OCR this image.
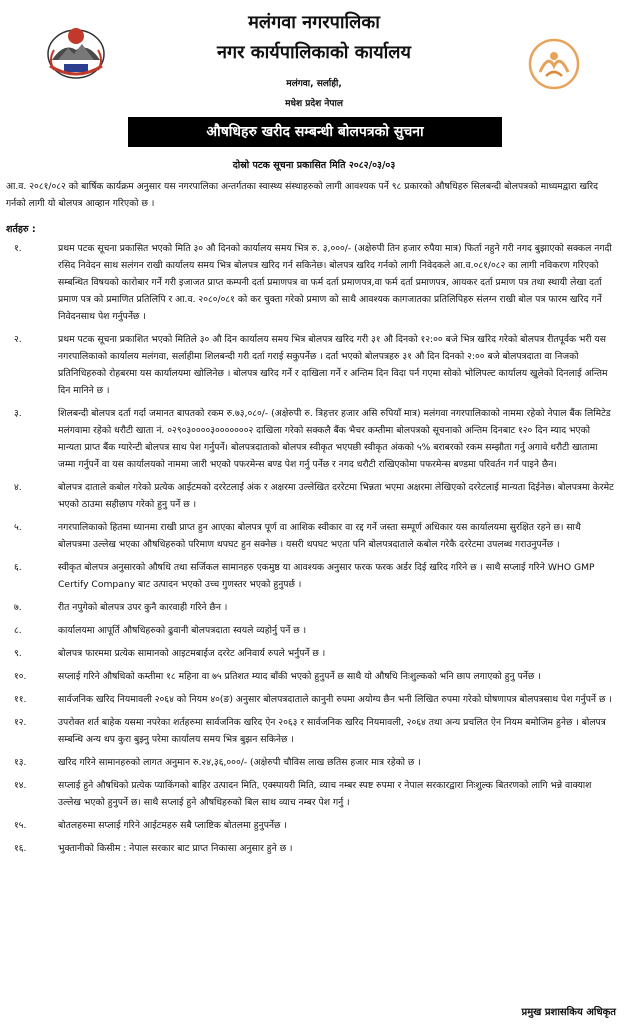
मलंगवा नगरपालिका
नगर कार्यपालिकाको कार्यालय
मलंगवा, सर्लाही,
मधेश प्रदेश नेपाल
औषधिहरु खरीद सम्बन्धी बोलपत्रको सुचना
दोस्रो पटक सूचना प्रकासित मिति २०८२/०३/०३
आ.व. २०८१/०८२ को बार्षिक कार्यक्रम अनुसार यस नगरपालिका अन्तर्गतका स्वास्थ्य संस्थाहरुको लागी आवश्यक पर्ने ९८ प्रकारको औषधिहरु सिलबन्दी बोलपत्रको माध्यमद्वारा खरिद गर्नको लागी यो बोलपत्र आव्हान गरिएको छ ।
शर्तहरु :
१.	प्रथम पटक सूचना प्रकासित भएको मिति ३० औ दिनको कार्यालय समय भित्र रु. ३,०००/- (अक्षेरुपी तिन हजार रुपैया मात्र) फिर्ता नहुने गरी नगद बुझाएको सक्कल नगदी रसिद निवेदन साथ सलंगन राखी कार्यालय समय भित्र बोलपत्र खरिद गर्न सकिनेछ। बोलपत्र खरिद गर्नको लागी निवेदकले आ.व.०८१/०८२ का लागी नविकरण गरिएको सम्बन्धित विषयको कारोबार गर्ने गरी इजाजत प्राप्त कम्पनी दर्ता प्रमाणपत्र वा फर्म दर्ता प्रमाणपत्र,वा फर्म दर्ता प्रमाणपत्र, आयकर दर्ता प्रमाण पत्र तथा स्थायी लेखा दर्ता प्रमाण पत्र को प्रमाणित प्रतिलिपि र आ.व. २०८०/०८१ को कर चुक्ता गरेको प्रमाण को साथै आवश्यक कागजातका प्रतिलिपिहरु संलग्न राखी बोल पत्र फारम खरिद गर्ने निवेदनसाथ पेश गर्नुपर्नेछ ।
२.	प्रथम पटक सूचना प्रकाशित भएको मितिले ३० औ दिन कार्यालय समय भित्र बोलपत्र खरिद गरी ३१ औ दिनको १२:०० बजे भित्र खरिद गरेको बोलपत्र रीतपूर्वक भरी यस नगरपालिकाको कार्यालय मलंगवा, सर्लाहीमा शिलबन्दी गरी दर्ता गराई सकुपर्नेछ । दर्ता भएको बोलपत्रहरु ३१ औ दिन दिनको २:०० बजे बोलपत्रदाता वा निजको प्रतिनिधिहरुको रोहबरमा यस कार्यालयमा खोलिनेछ । बोलपत्र खरिद गर्ने र दाखिला गर्ने र अन्तिम दिन विदा पर्न गएमा सोको भोलिपल्ट कार्यालय खुलेको दिनलाई अन्तिम दिन मानिने छ ।
३.	शिलबन्दी बोलपत्र दर्ता गर्दा जमानत बापतको रकम रु.७३,०८०/- (अक्षेरुपी रु. त्रिहत्तर हजार असि रुपियाँ मात्र) मलंगवा नगरपालिकाको नाममा रहेको नेपाल बैंक लिमिटेड मलंगवामा रहेको धरौटी खाता नं. ०२९०३००००३०००००००२ दाखिला गरेको सक्कलै बैंक भैचर कम्तीमा बोलपत्रको सूचनाको अन्तिम दिनबाट १२० दिन म्याद भएको मान्यता प्राप्त बैंक ग्यारेन्टी बोलपत्र साथ पेश गर्नुपर्ने। बोलपत्रदाताको बोलपत्र स्वीकृत भएपछी स्वीकृत अंकको ५% बराबरको रकम सम्झौता गर्नु अगावे धरौटी खातामा जम्मा गर्नुपर्ने वा यस कार्यालयको नाममा जारी भएको पफरमेन्स बण्ड पेश गर्नु पर्नेछ र नगद धरौटी राखिएकोमा पफरमेन्स बण्डमा परिवर्तन गर्न पाइने छैन।
४.	बोलपत्र दाताले कबोल गरेको प्रत्येक आईटमको दररेटलाई अंक र अक्षरमा उल्लेखित दररेटमा भिन्नता भएमा अक्षरमा लेखिएको दररेटलाई मान्यता दिईनेछ। बोलपत्रमा केरमेट भएको ठाउमा सहीछाप गरेको हुनु पर्ने छ ।
५.	नगरपालिकाको हितमा ध्यानमा राखी प्राप्त हुन आएका बोलपत्र पूर्ण वा आशिक स्वीकार वा रद्द गर्ने जस्ता सम्पूर्ण अधिकार यस कार्यालयमा सुरक्षित रहने छ। साथै बोलपत्रमा उल्लेख भएका औषधिहरुको परिमाण थपघट हुन सक्नेछ । यसरी थपघट भएता पनि बोलपत्रदाताले कबोल गरेकै दररेटमा उपलब्ध गराउनुपर्नेछ ।
६.	स्वीकृत बोलपत्र अनुसारको औषधि तथा सर्जिकल सामानहरु एकमुष्ठ या आवश्यक अनुसार फरक फरक अर्डर दिई खरिद गरिने छ । साथै सप्लाई गरिने WHO GMP Certify Company बाट उत्पादन भएको उच्च गुणस्तर भएको हुनुपर्छ ।
७.	रीत नपुगेको बोलपत्र उपर कुनै कारवाही गरिने छैन ।
८.	कार्यालयमा आपूर्ति औषधिहरुको ढुवानी बोलपत्रदाता स्वयले व्यहोर्नु पर्ने छ ।
९.	बोलपत्र फारममा प्रत्येक सामानको आइटमबाईज दररेट अनिवार्य रुपले भर्नुपर्ने छ ।
१०.	सप्लाई गरिने औषधिको कम्तीमा १८ महिना वा ७५ प्रतिशत म्याद बाँकी भएको हुनुपर्ने छ साथै यो औषधि निःशुल्कको भनि छाप लगाएको हुनु पर्नेछ ।
११.	सार्वजनिक खरिद नियमावली २०६४ को नियम ४०(ङ) अनुसार बोलपत्रदाताले कानुनी रुपमा अयोग्य छैन भनी लिखित रुपमा गरेको घोषणापत्र बोलपत्रसाथ पेश गर्नुपर्ने छ ।
१२.	उपरोक्त शर्त बाहेक यसमा नपरेका शर्तहरुमा सार्वजनिक खरिद ऐन २०६३ र सार्वजनिक खरिद नियमावली, २०६४ तथा अन्य प्रचलित ऐन नियम बमोजिम हुनेछ । बोलपत्र सम्बन्धि अन्य थप कुरा बुझ्नु परेमा कार्यालय समय भित्र बुझन सकिनेछ ।
१३.	खरिद गरिने सामानहरुको लागत अनुमान रु.२४,३६,०००/- (अक्षेरुपी चौविस लाख छतिस हजार मात्र रहेको छ ।
१४.	सप्लाई हुने औषधिको प्रत्येक प्याकिंगको बाहिर उत्पादन मिति, एक्स्पायरी मिति, व्याच नम्बर स्पष्ट रुपमा र नेपाल सरकारद्वारा निःशुल्क बितरणको लागि भन्ने वाक्याश उल्लेख भएको हुनुपर्ने छ। साथै सप्लाई हुने औषधिहरुको बिल साथ व्याच नम्बर पेश गर्नु ।
१५.	बोतलहरुमा सप्लाई गरिने आईटमहरु सबै प्लाष्टिक बोतलमा हुनुपर्नेछ ।
१६.	भुक्तानीको किसीम : नेपाल सरकार बाट प्राप्त निकासा अनुसार हुने छ ।
प्रमुख प्रशासकिय अधिकृत
